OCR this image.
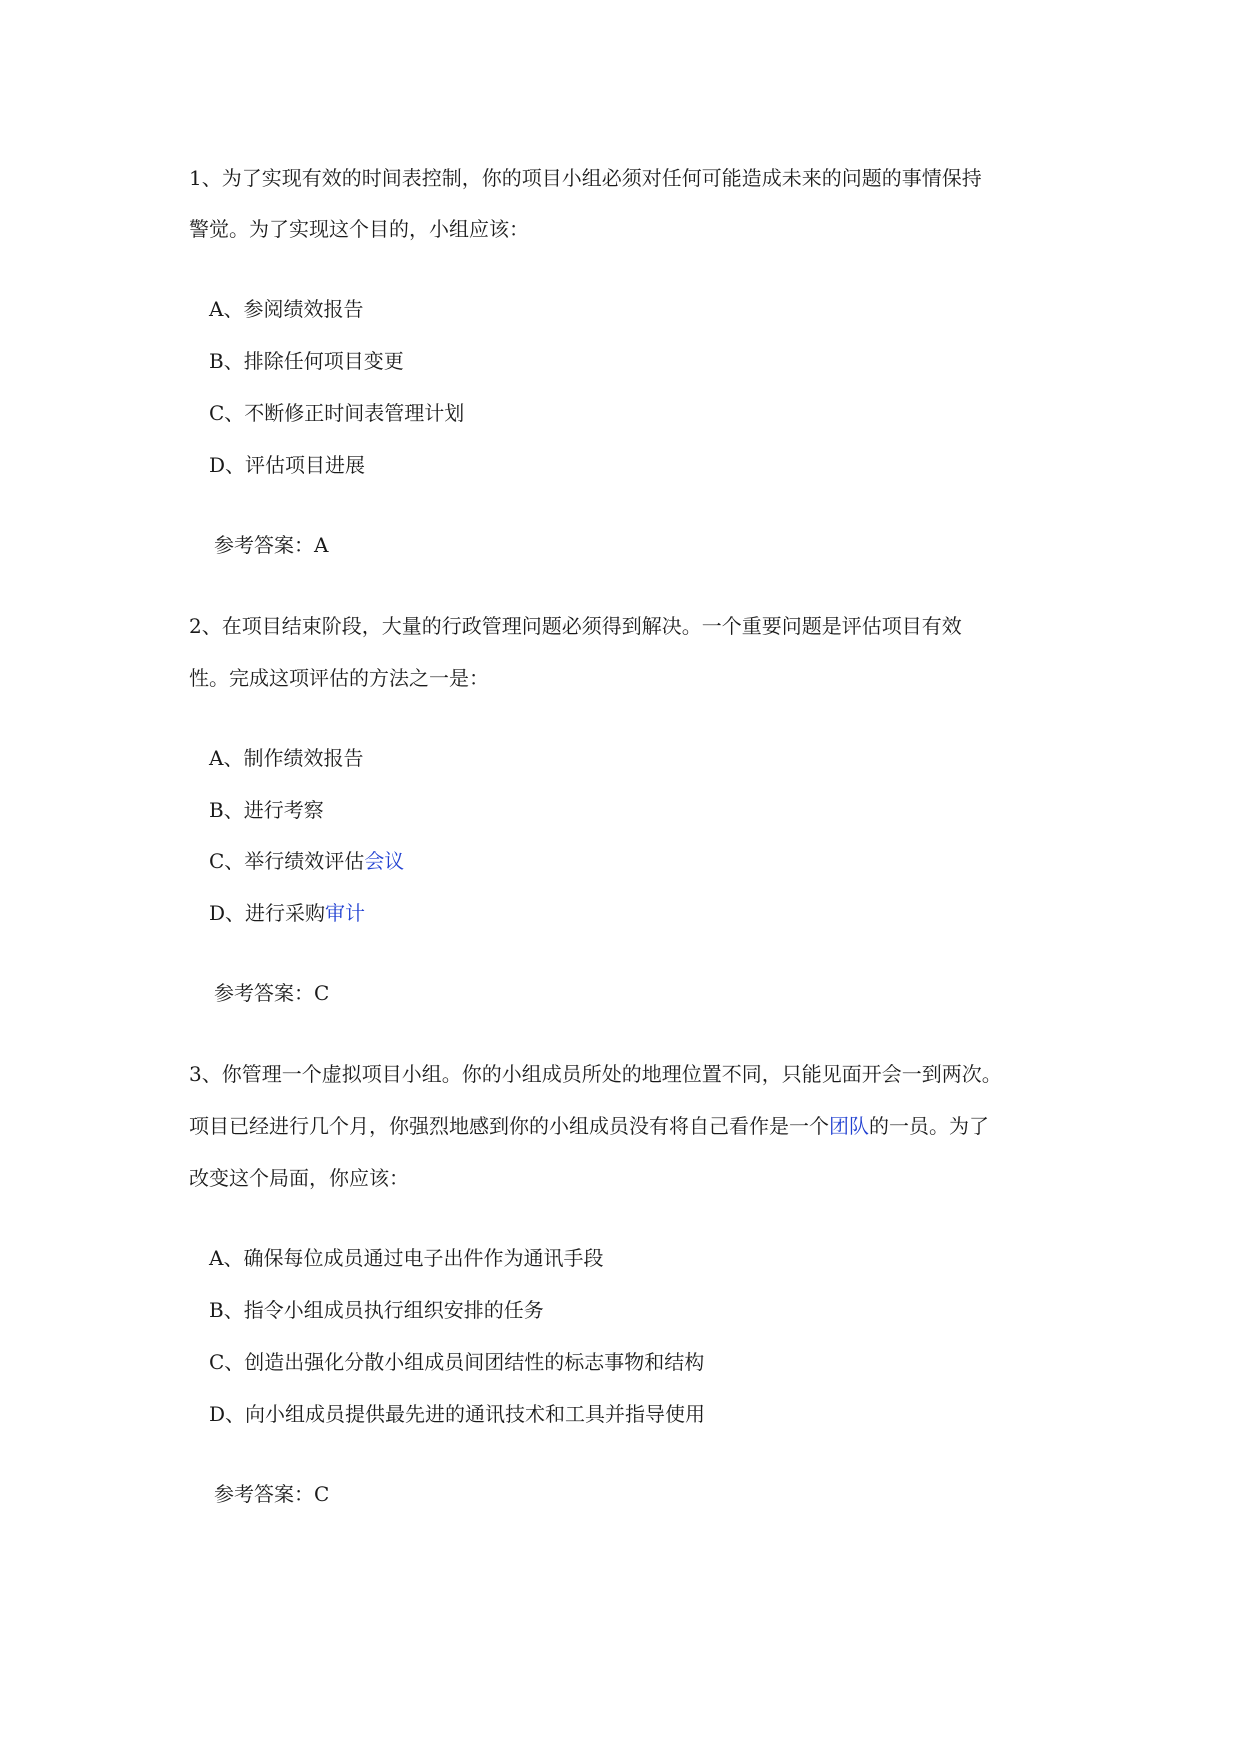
1、为了实现有效的时间表控制，你的项目小组必须对任何可能造成未来的问题的事情保持
警觉。为了实现这个目的，小组应该：
A、参阅绩效报告
B、排除任何项目变更
C、不断修正时间表管理计划
D、评估项目进展
参考答案：A
2、在项目结束阶段，大量的行政管理问题必须得到解决。一个重要问题是评估项目有效
性。完成这项评估的方法之一是：
A、制作绩效报告
B、进行考察
C、举行绩效评估会议
D、进行采购审计
参考答案：C
3、你管理一个虚拟项目小组。你的小组成员所处的地理位置不同，只能见面开会一到两次。
项目已经进行几个月，你强烈地感到你的小组成员没有将自己看作是一个团队的一员。为了
改变这个局面，你应该：
A、确保每位成员通过电子出件作为通讯手段
B、指令小组成员执行组织安排的任务
C、创造出强化分散小组成员间团结性的标志事物和结构
D、向小组成员提供最先进的通讯技术和工具并指导使用
参考答案：C
